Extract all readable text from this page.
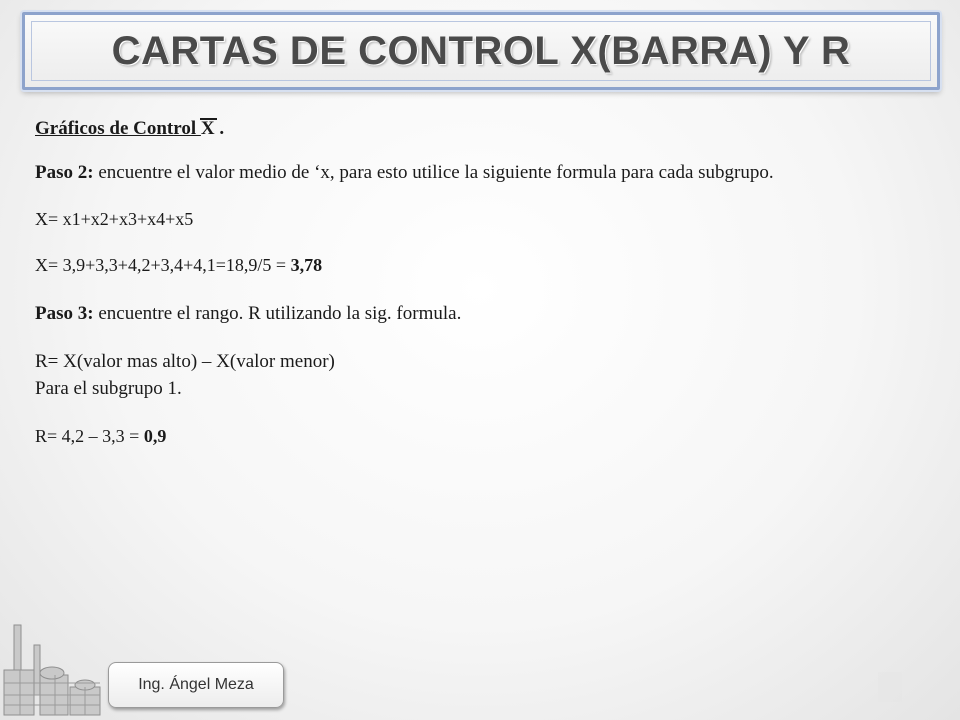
CARTAS DE CONTROL X(BARRA) Y R
Gráficos de Control X .

Paso 2: encuentre el valor medio de ‘x, para esto utilice la siguiente formula para cada subgrupo.

X= x1+x2+x3+x4+x5

X= 3,9+3,3+4,2+3,4+4,1=18,9/5 = 3,78

Paso 3: encuentre el rango. R utilizando la sig. formula.

R= X(valor mas alto) – X(valor menor)

Para el subgrupo 1.

R= 4,2 – 3,3 = 0,9

Ing. Ángel Meza
